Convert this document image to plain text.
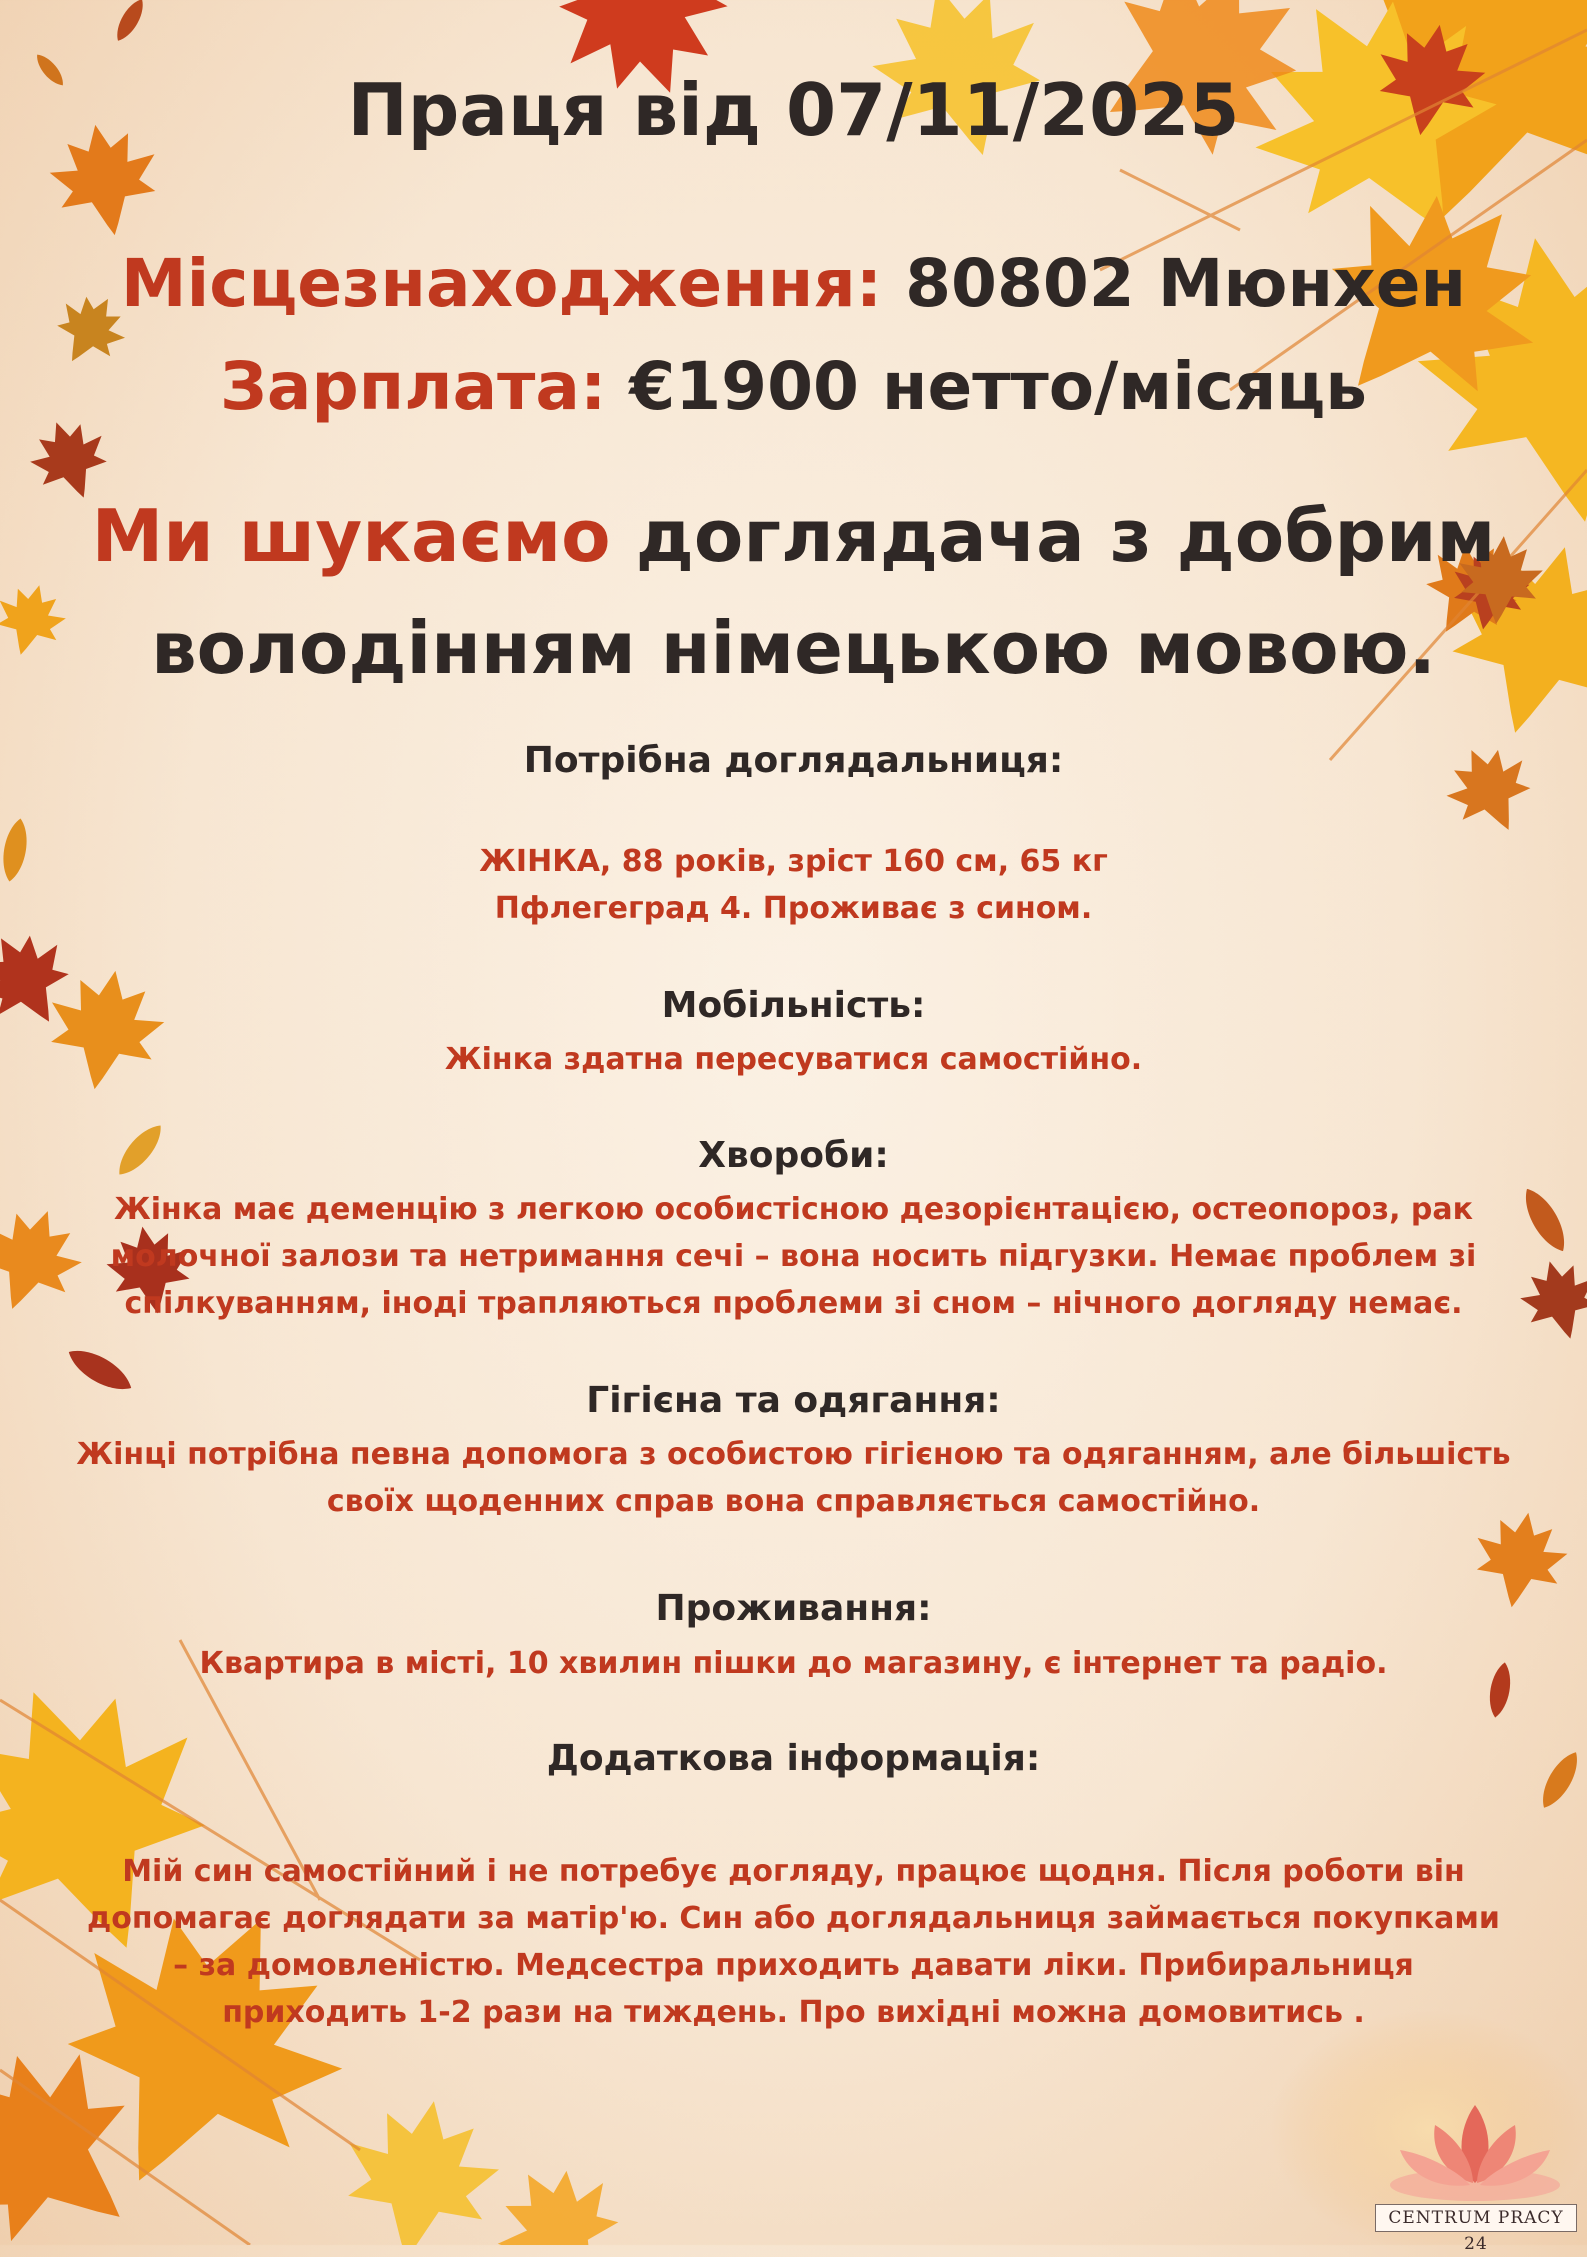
Праця від 07/11/2025
Місцезнаходження: 80802 Мюнхен
Зарплата: €1900 нетто/місяць
Ми шукаємо доглядача з добрим
володінням німецькою мовою.
Потрібна доглядальниця:
ЖІНКА, 88 років, зріст 160 см, 65 кг
Пфлегеград 4. Проживає з сином.
Мобільність:
Жінка здатна пересуватися самостійно.
Хвороби:
Жінка має деменцію з легкою особистісною дезорієнтацією, остеопороз, рак
молочної залози та нетримання сечі – вона носить підгузки. Немає проблем зі
спілкуванням, іноді трапляються проблеми зі сном – нічного догляду немає.
Гігієна та одягання:
Жінці потрібна певна допомога з особистою гігієною та одяганням, але більшість
своїх щоденних справ вона справляється самостійно.
Проживання:
Квартира в місті, 10 хвилин пішки до магазину, є інтернет та радіо.
Додаткова інформація:
Мій син самостійний і не потребує догляду, працює щодня. Після роботи він
допомагає доглядати за матір'ю. Син або доглядальниця займається покупками
– за домовленістю. Медсестра приходить давати ліки. Прибиральниця
приходить 1-2 рази на тиждень. Про вихідні можна домовитись .
CENTRUM PRACY 24
